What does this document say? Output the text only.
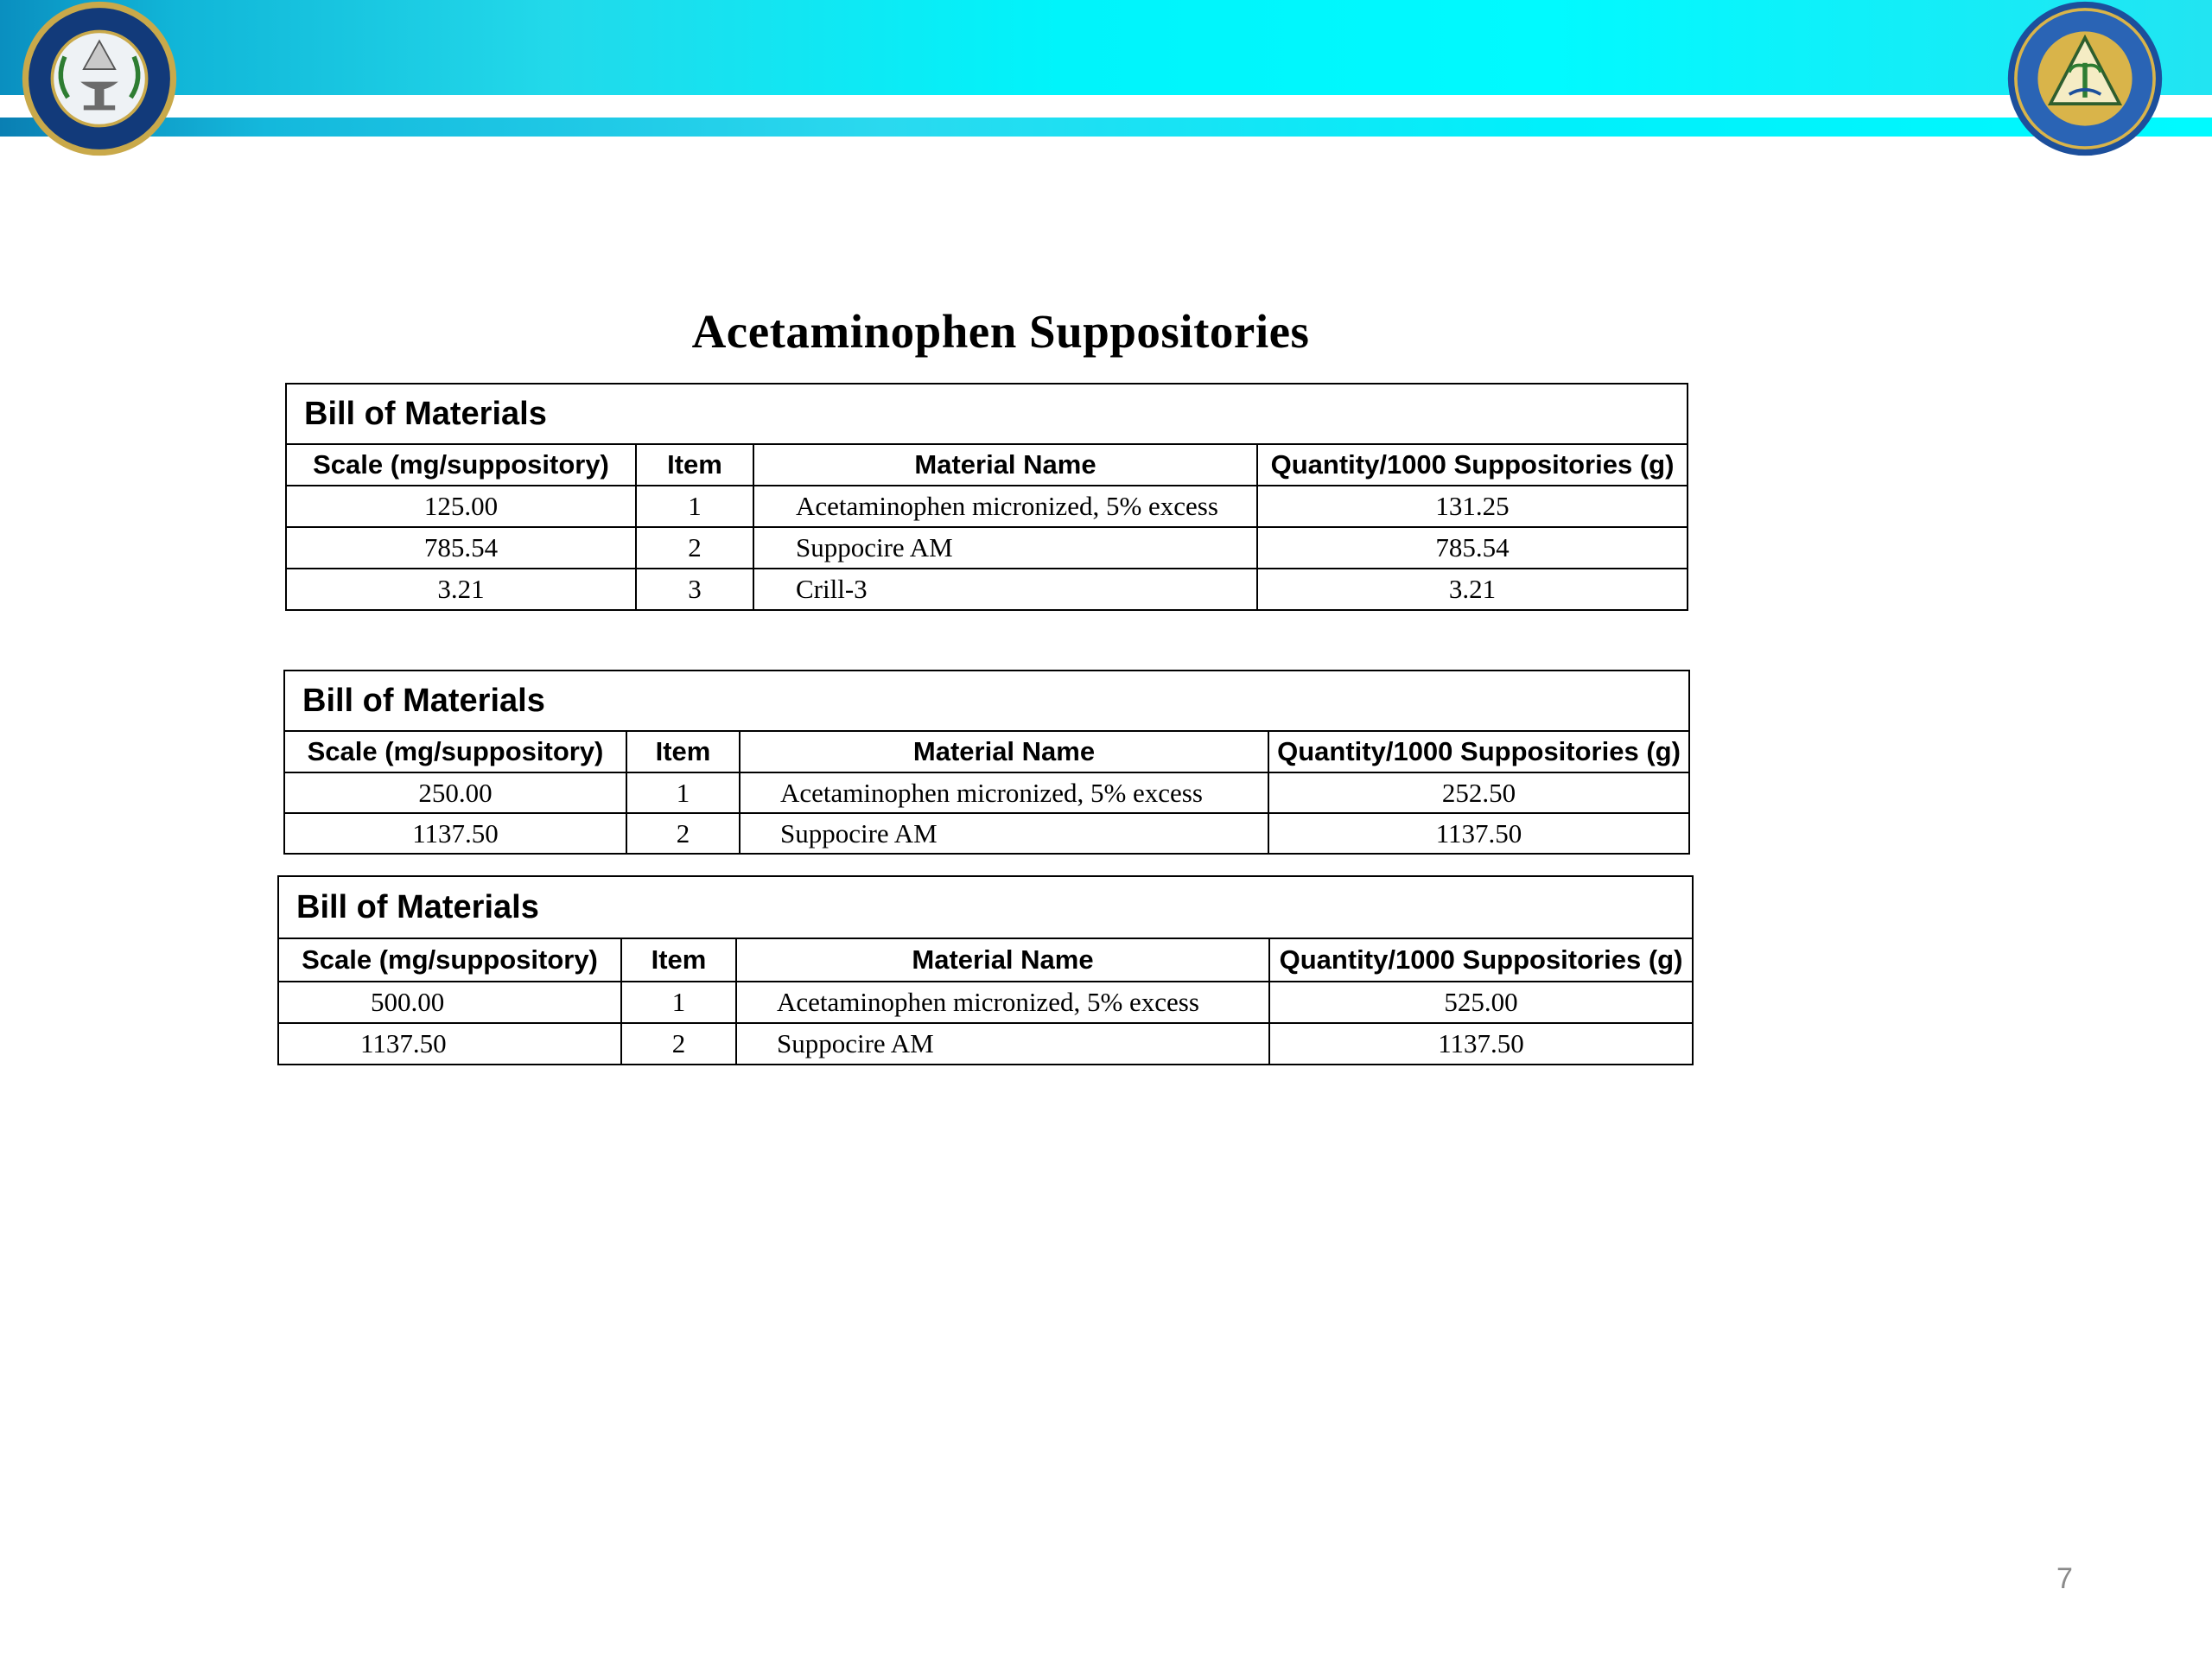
Acetaminophen Suppositories
Bill of Materials			
Scale (mg/suppository)	Item	Material Name	Quantity/1000 Suppositories (g)
125.00	1	Acetaminophen micronized, 5% excess	131.25
785.54	2	Suppocire AM	785.54
3.21	3	Crill-3	3.21
Bill of Materials			
Scale (mg/suppository)	Item	Material Name	Quantity/1000 Suppositories (g)
250.00	1	Acetaminophen micronized, 5% excess	252.50
1137.50	2	Suppocire AM	1137.50
Bill of Materials			
Scale (mg/suppository)	Item	Material Name	Quantity/1000 Suppositories (g)
500.00	1	Acetaminophen micronized, 5% excess	525.00
1137.50	2	Suppocire AM	1137.50
7
